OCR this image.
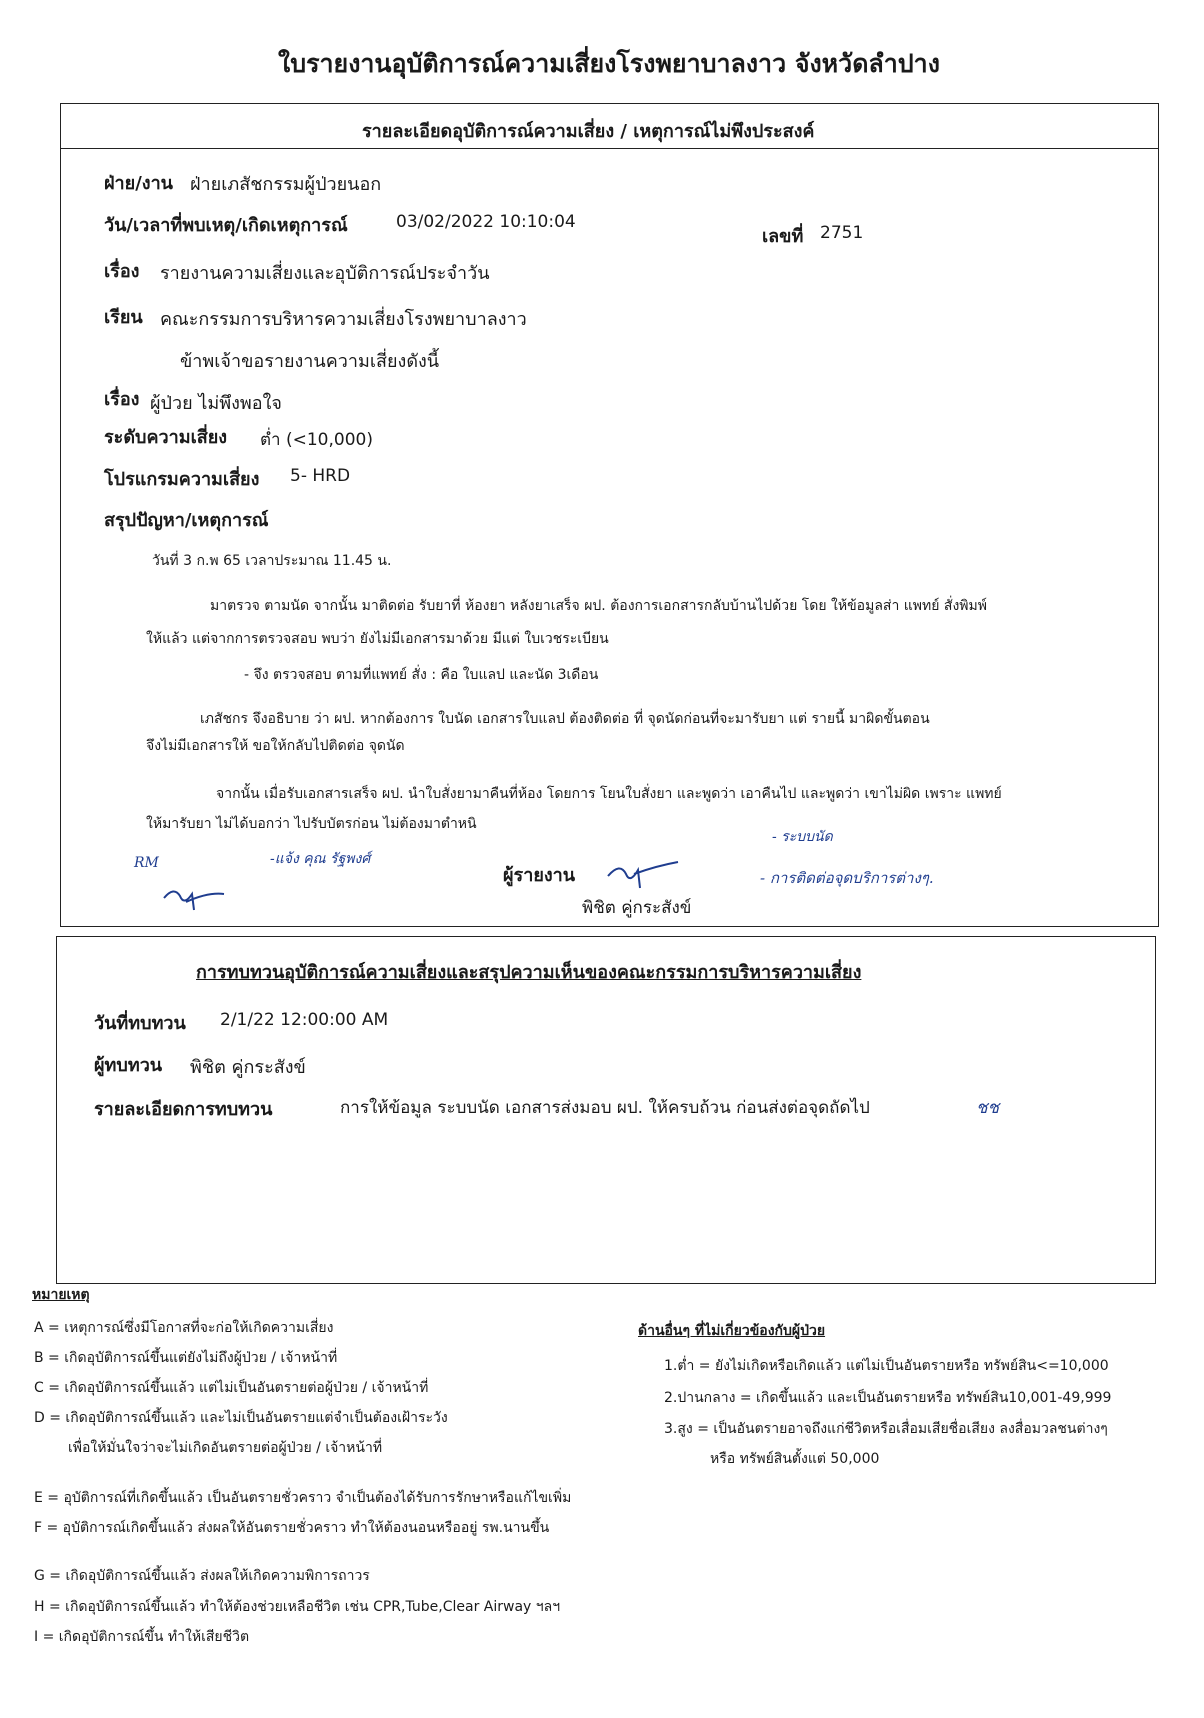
ใบรายงานอุบัติการณ์ความเสี่ยงโรงพยาบาลงาว จังหวัดลำปาง
รายละเอียดอุบัติการณ์ความเสี่ยง / เหตุการณ์ไม่พึงประสงค์
ฝ่าย/งาน ฝ่ายเภสัชกรรมผู้ป่วยนอก
วัน/เวลาที่พบเหตุ/เกิดเหตุการณ์	03/02/2022 10:10:04
เลขที่ 2751
เรื่อง รายงานความเสี่ยงและอุบัติการณ์ประจำวัน
เรียน คณะกรรมการบริหารความเสี่ยงโรงพยาบาลงาว
ข้าพเจ้าขอรายงานความเสี่ยงดังนี้
เรื่อง ผู้ป่วย ไม่พึงพอใจ
ระดับความเสี่ยง ต่ำ (<10,000)
โปรแกรมความเสี่ยง 5- HRD
สรุปปัญหา/เหตุการณ์
วันที่ 3 ก.พ 65 เวลาประมาณ 11.45 น.
มาตรวจ ตามนัด จากนั้น มาติดต่อ รับยาที่ ห้องยา หลังยาเสร็จ ผป. ต้องการเอกสารกลับบ้านไปด้วย โดย ให้ข้อมูลส่า แพทย์ สั่งพิมพ์
ให้แล้ว แต่จากการตรวจสอบ พบว่า ยังไม่มีเอกสารมาด้วย มีแต่ ใบเวชระเบียน
- จึง ตรวจสอบ ตามที่แพทย์ สั่ง : คือ ใบแลป และนัด 3เดือน
เภสัชกร จึงอธิบาย ว่า ผป. หากต้องการ ใบนัด เอกสารใบแลป ต้องติดต่อ ที่ จุดนัดก่อนที่จะมารับยา แต่ รายนี้ มาผิดขั้นตอน
จึงไม่มีเอกสารให้ ขอให้กลับไปติดต่อ จุดนัด
จากนั้น เมื่อรับเอกสารเสร็จ ผป. นำใบสั่งยามาคืนที่ห้อง โดยการ โยนใบสั่งยา และพูดว่า เอาคืนไป และพูดว่า เขาไม่ผิด เพราะ แพทย์
ให้มารับยา ไม่ได้บอกว่า ไปรับบัตรก่อน ไม่ต้องมาตำหนิ
RM	-แจ้ง คุณ รัฐพงศ์
- ระบบนัด
- การติดต่อจุดบริการต่างๆ.
ผู้รายงาน
พิชิต คู่กระสังข์
การทบทวนอุบัติการณ์ความเสี่ยงและสรุปความเห็นของคณะกรรมการบริหารความเสี่ยง
วันที่ทบทวน 2/1/22 12:00:00 AM
ผู้ทบทวน พิชิต คู่กระสังข์
รายละเอียดการทบทวน	การให้ข้อมูล ระบบนัด เอกสารส่งมอบ ผป. ให้ครบถ้วน ก่อนส่งต่อจุดถัดไป	ชช
หมายเหตุ
A = เหตุการณ์ซึ่งมีโอกาสที่จะก่อให้เกิดความเสี่ยง
B = เกิดอุบัติการณ์ขึ้นแต่ยังไม่ถึงผู้ป่วย / เจ้าหน้าที่
C = เกิดอุบัติการณ์ขึ้นแล้ว แต่ไม่เป็นอันตรายต่อผู้ป่วย / เจ้าหน้าที่
D = เกิดอุบัติการณ์ขึ้นแล้ว และไม่เป็นอันตรายแต่จำเป็นต้องเฝ้าระวัง
เพื่อให้มั่นใจว่าจะไม่เกิดอันตรายต่อผู้ป่วย / เจ้าหน้าที่
E = อุบัติการณ์ที่เกิดขึ้นแล้ว เป็นอันตรายชั่วคราว จำเป็นต้องได้รับการรักษาหรือแก้ไขเพิ่ม
F = อุบัติการณ์เกิดขึ้นแล้ว ส่งผลให้อันตรายชั่วคราว ทำให้ต้องนอนหรืออยู่ รพ.นานขึ้น
G = เกิดอุบัติการณ์ขึ้นแล้ว ส่งผลให้เกิดความพิการถาวร
H = เกิดอุบัติการณ์ขึ้นแล้ว ทำให้ต้องช่วยเหลือชีวิต เช่น CPR,Tube,Clear Airway ฯลฯ
I = เกิดอุบัติการณ์ขึ้น ทำให้เสียชีวิต
ด้านอื่นๆ ที่ไม่เกี่ยวข้องกับผู้ป่วย
1.ต่ำ = ยังไม่เกิดหรือเกิดแล้ว แต่ไม่เป็นอันตรายหรือ ทรัพย์สิน<=10,000
2.ปานกลาง = เกิดขึ้นแล้ว และเป็นอันตรายหรือ ทรัพย์สิน10,001-49,999
3.สูง = เป็นอันตรายอาจถึงแก่ชีวิตหรือเสื่อมเสียชื่อเสียง ลงสื่อมวลชนต่างๆ
หรือ ทรัพย์สินตั้งแต่ 50,000
